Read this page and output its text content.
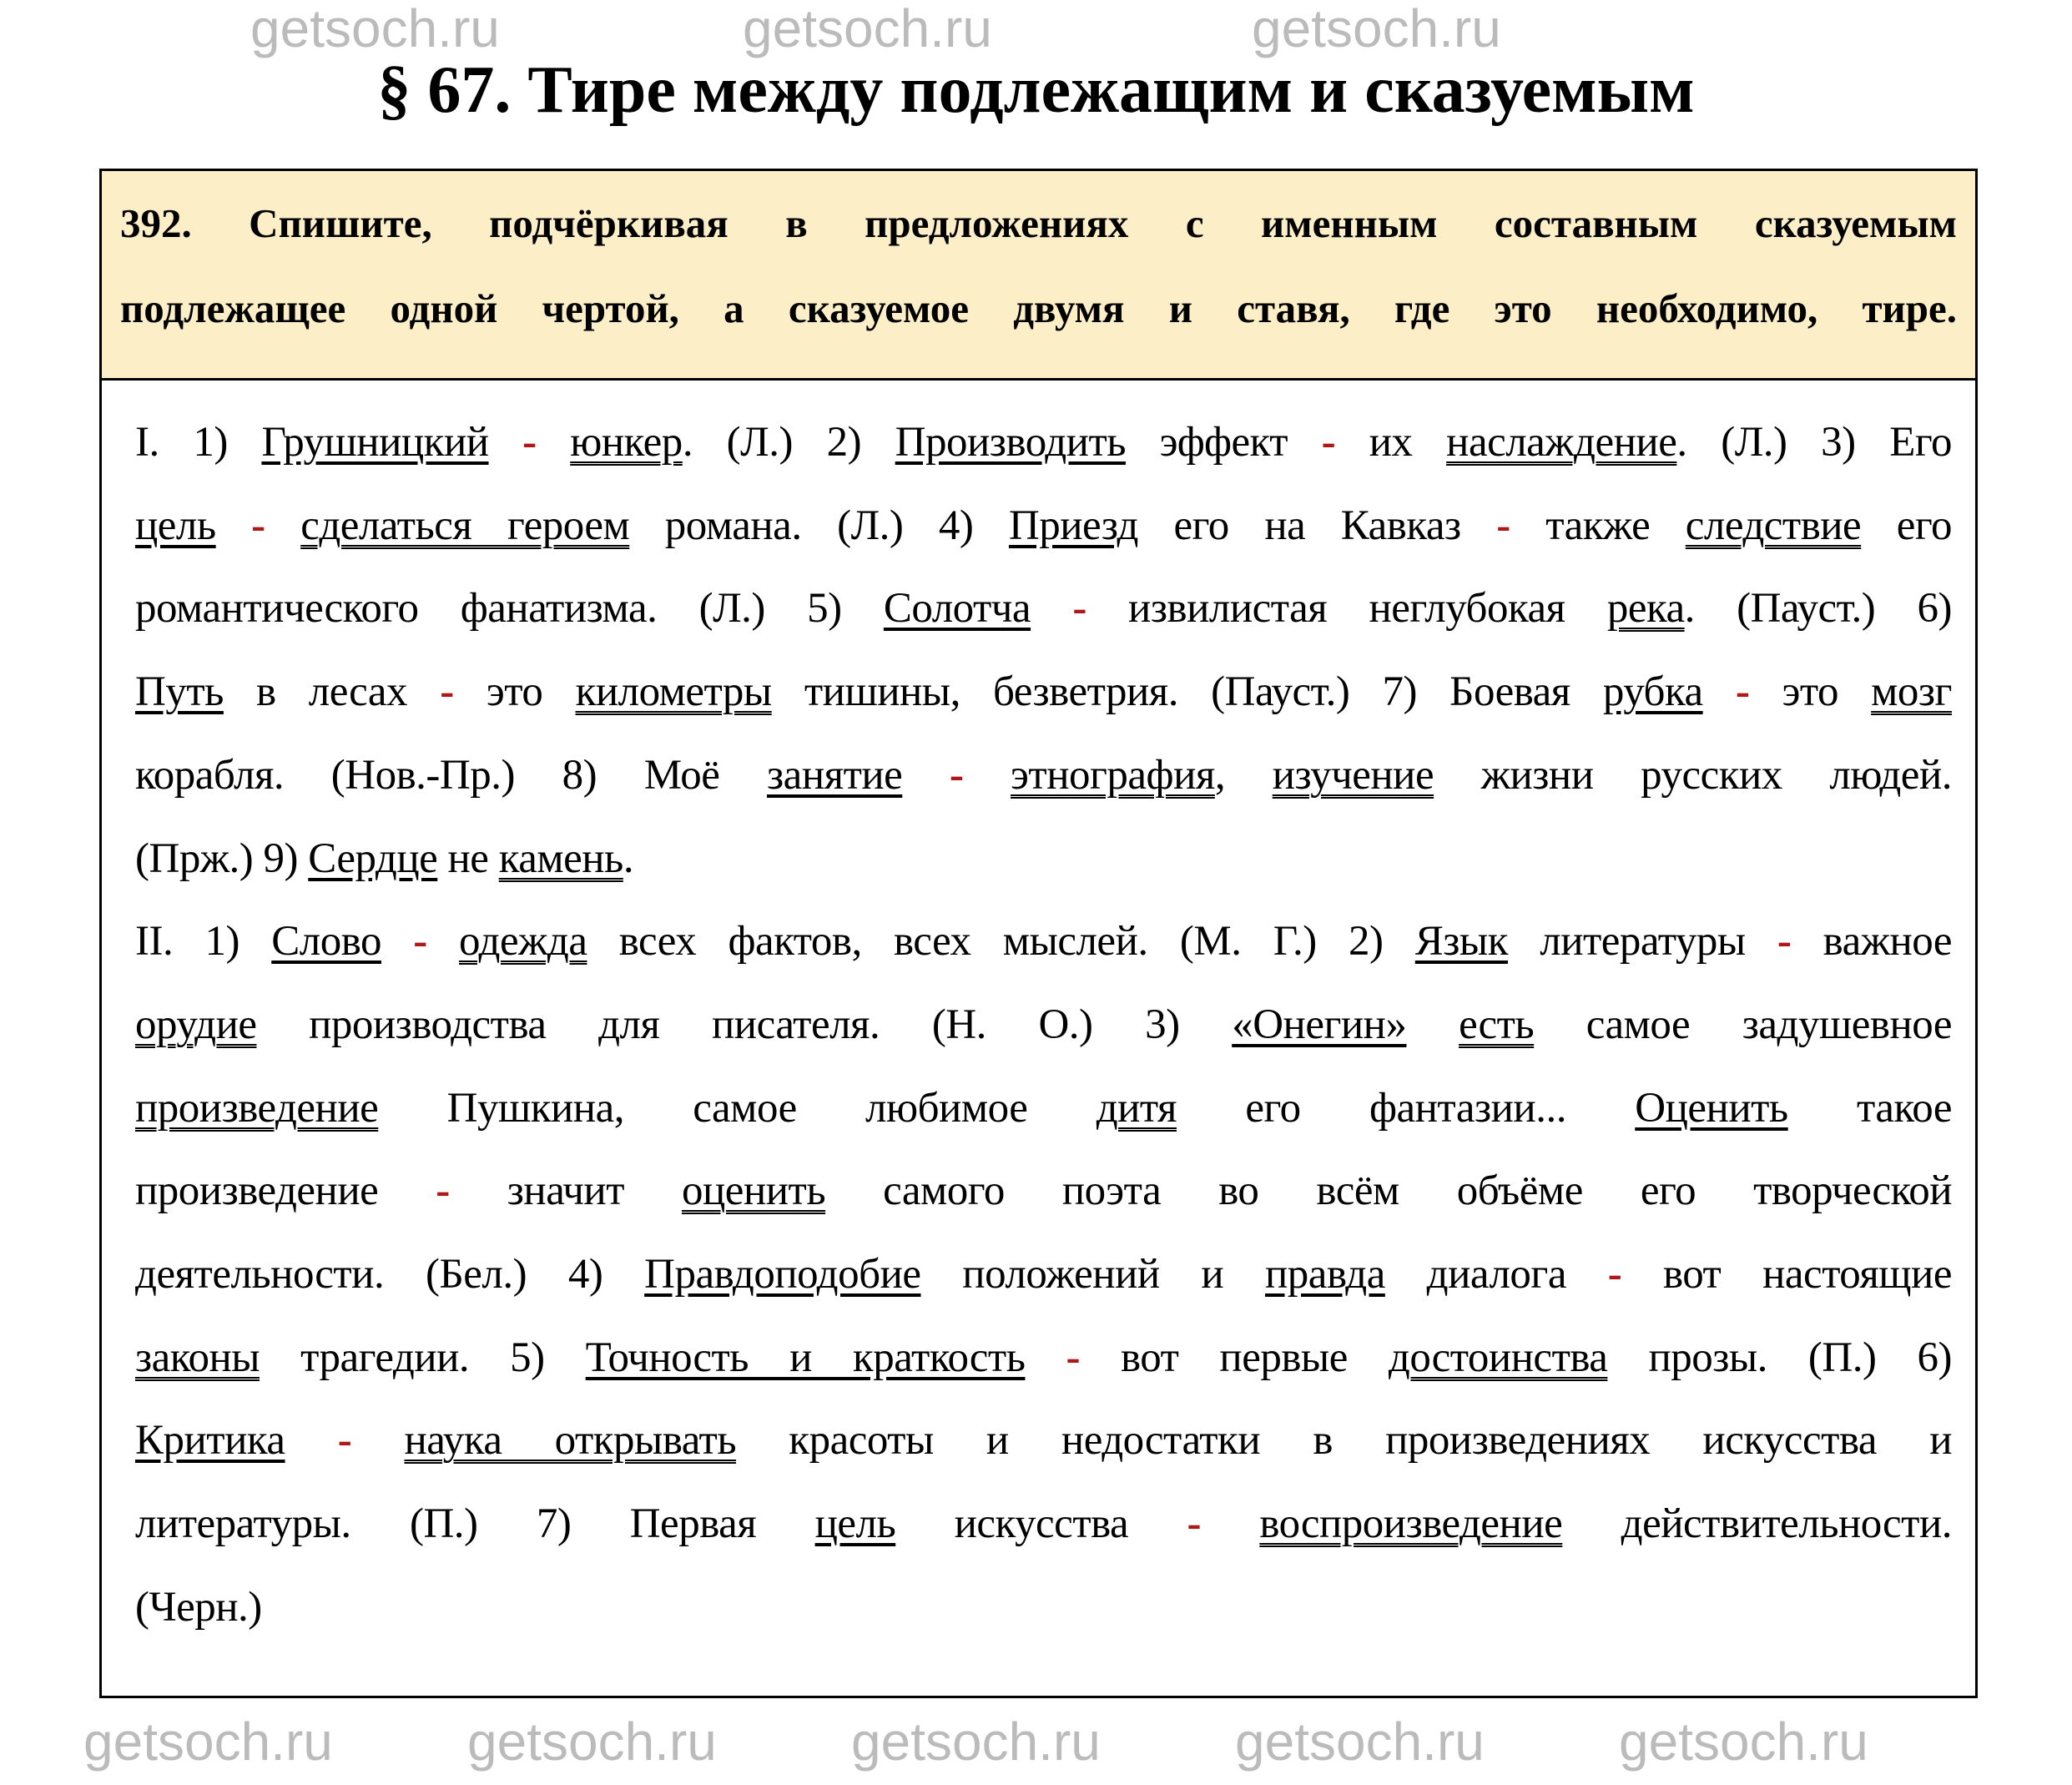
§ 67. Тире между подлежащим и сказуемым
392. Спишите, подчёркивая в предложениях с именным составным сказуемым
подлежащее одной чертой, а сказуемое двумя и ставя, где это необходимо, тире.
I. 1) Грушницкий - юнкер. (Л.) 2) Производить эффект - их наслаждение. (Л.) 3) Его
цель - сделаться героем романа. (Л.) 4) Приезд его на Кавказ - также следствие его
романтического фанатизма. (Л.) 5) Солотча - извилистая неглубокая река. (Пауст.) 6)
Путь в лесах - это километры тишины, безветрия. (Пауст.) 7) Боевая рубка - это мозг
корабля. (Нов.-Пр.) 8) Моё занятие - этнография, изучение жизни русских людей.
(Прж.) 9) Сердце не камень.
II. 1) Слово - одежда всех фактов, всех мыслей. (М. Г.) 2) Язык литературы - важное
орудие производства для писателя. (Н. О.) 3) «Онегин» есть самое задушевное
произведение Пушкина, самое любимое дитя его фантазии... Оценить такое
произведение - значит оценить самого поэта во всём объёме его творческой
деятельности. (Бел.) 4) Правдоподобие положений и правда диалога - вот настоящие
законы трагедии. 5) Точность и краткость - вот первые достоинства прозы. (П.) 6)
Критика - наука открывать красоты и недостатки в произведениях искусства и
литературы. (П.) 7) Первая цель искусства - воспроизведение действительности.
(Черн.)
getsoch.ru	getsoch.ru	getsoch.ru
getsoch.ru	getsoch.ru	getsoch.ru	getsoch.ru	getsoch.ru
